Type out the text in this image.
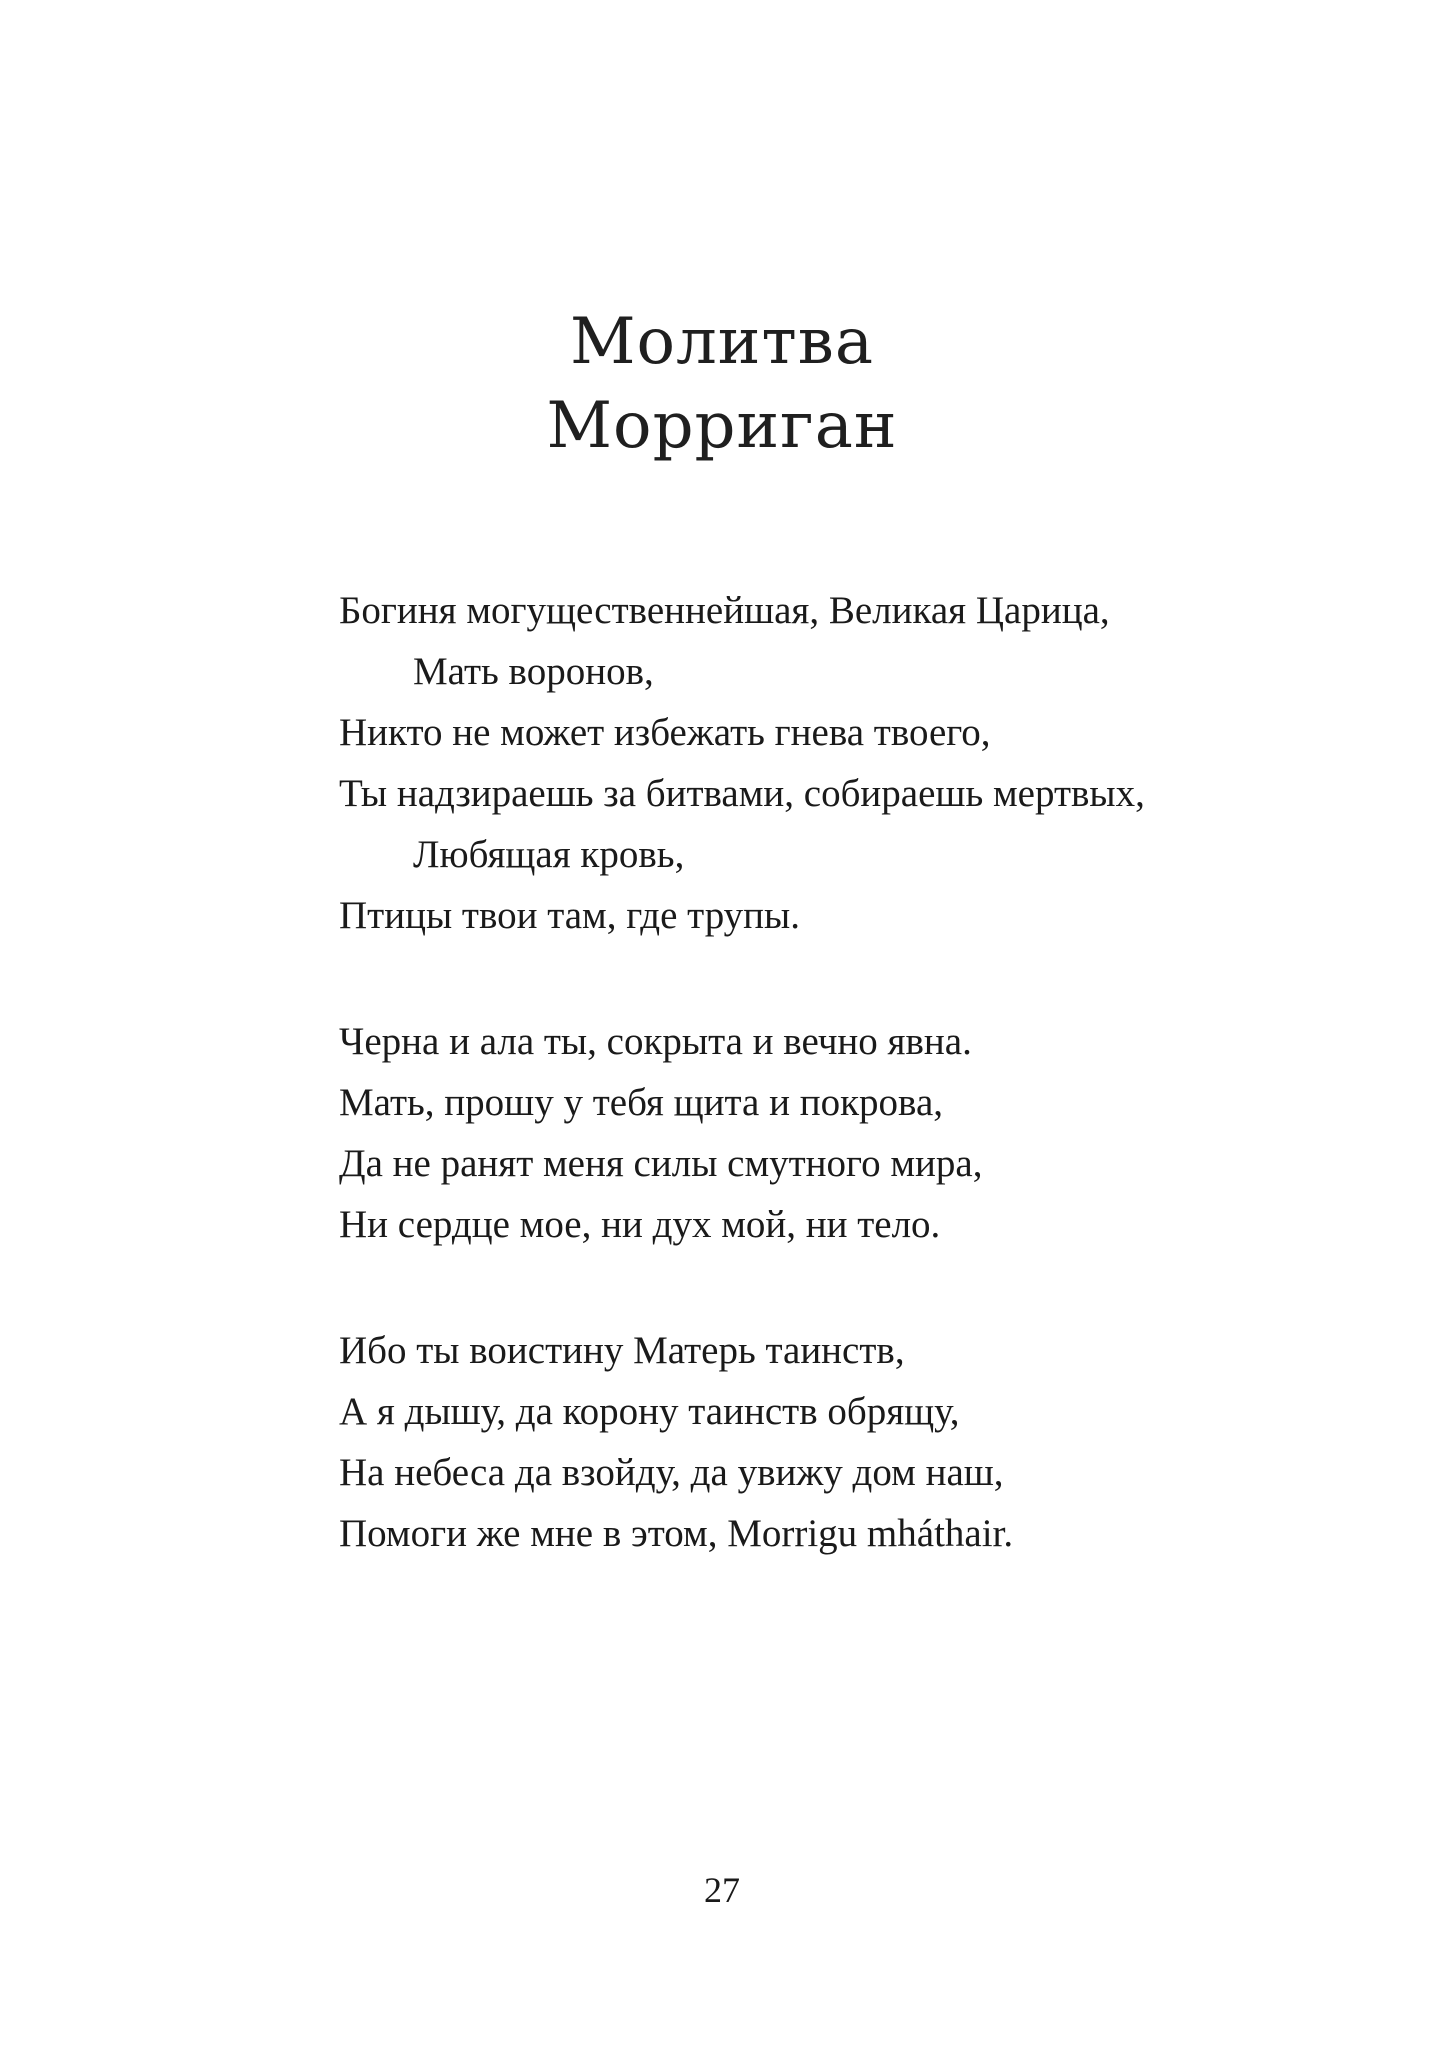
Молитва
Морриган
Богиня могущественнейшая, Великая Царица,
Мать воронов,
Никто не может избежать гнева твоего,
Ты надзираешь за битвами, собираешь мертвых,
Любящая кровь,
Птицы твои там, где трупы.
Черна и ала ты, сокрыта и вечно явна.
Мать, прошу у тебя щита и покрова,
Да не ранят меня силы смутного мира,
Ни сердце мое, ни дух мой, ни тело.
Ибо ты воистину Матерь таинств,
А я дышу, да корону таинств обрящу,
На небеса да взойду, да увижу дом наш,
Помоги же мне в этом, Morrigu mháthair.
27
